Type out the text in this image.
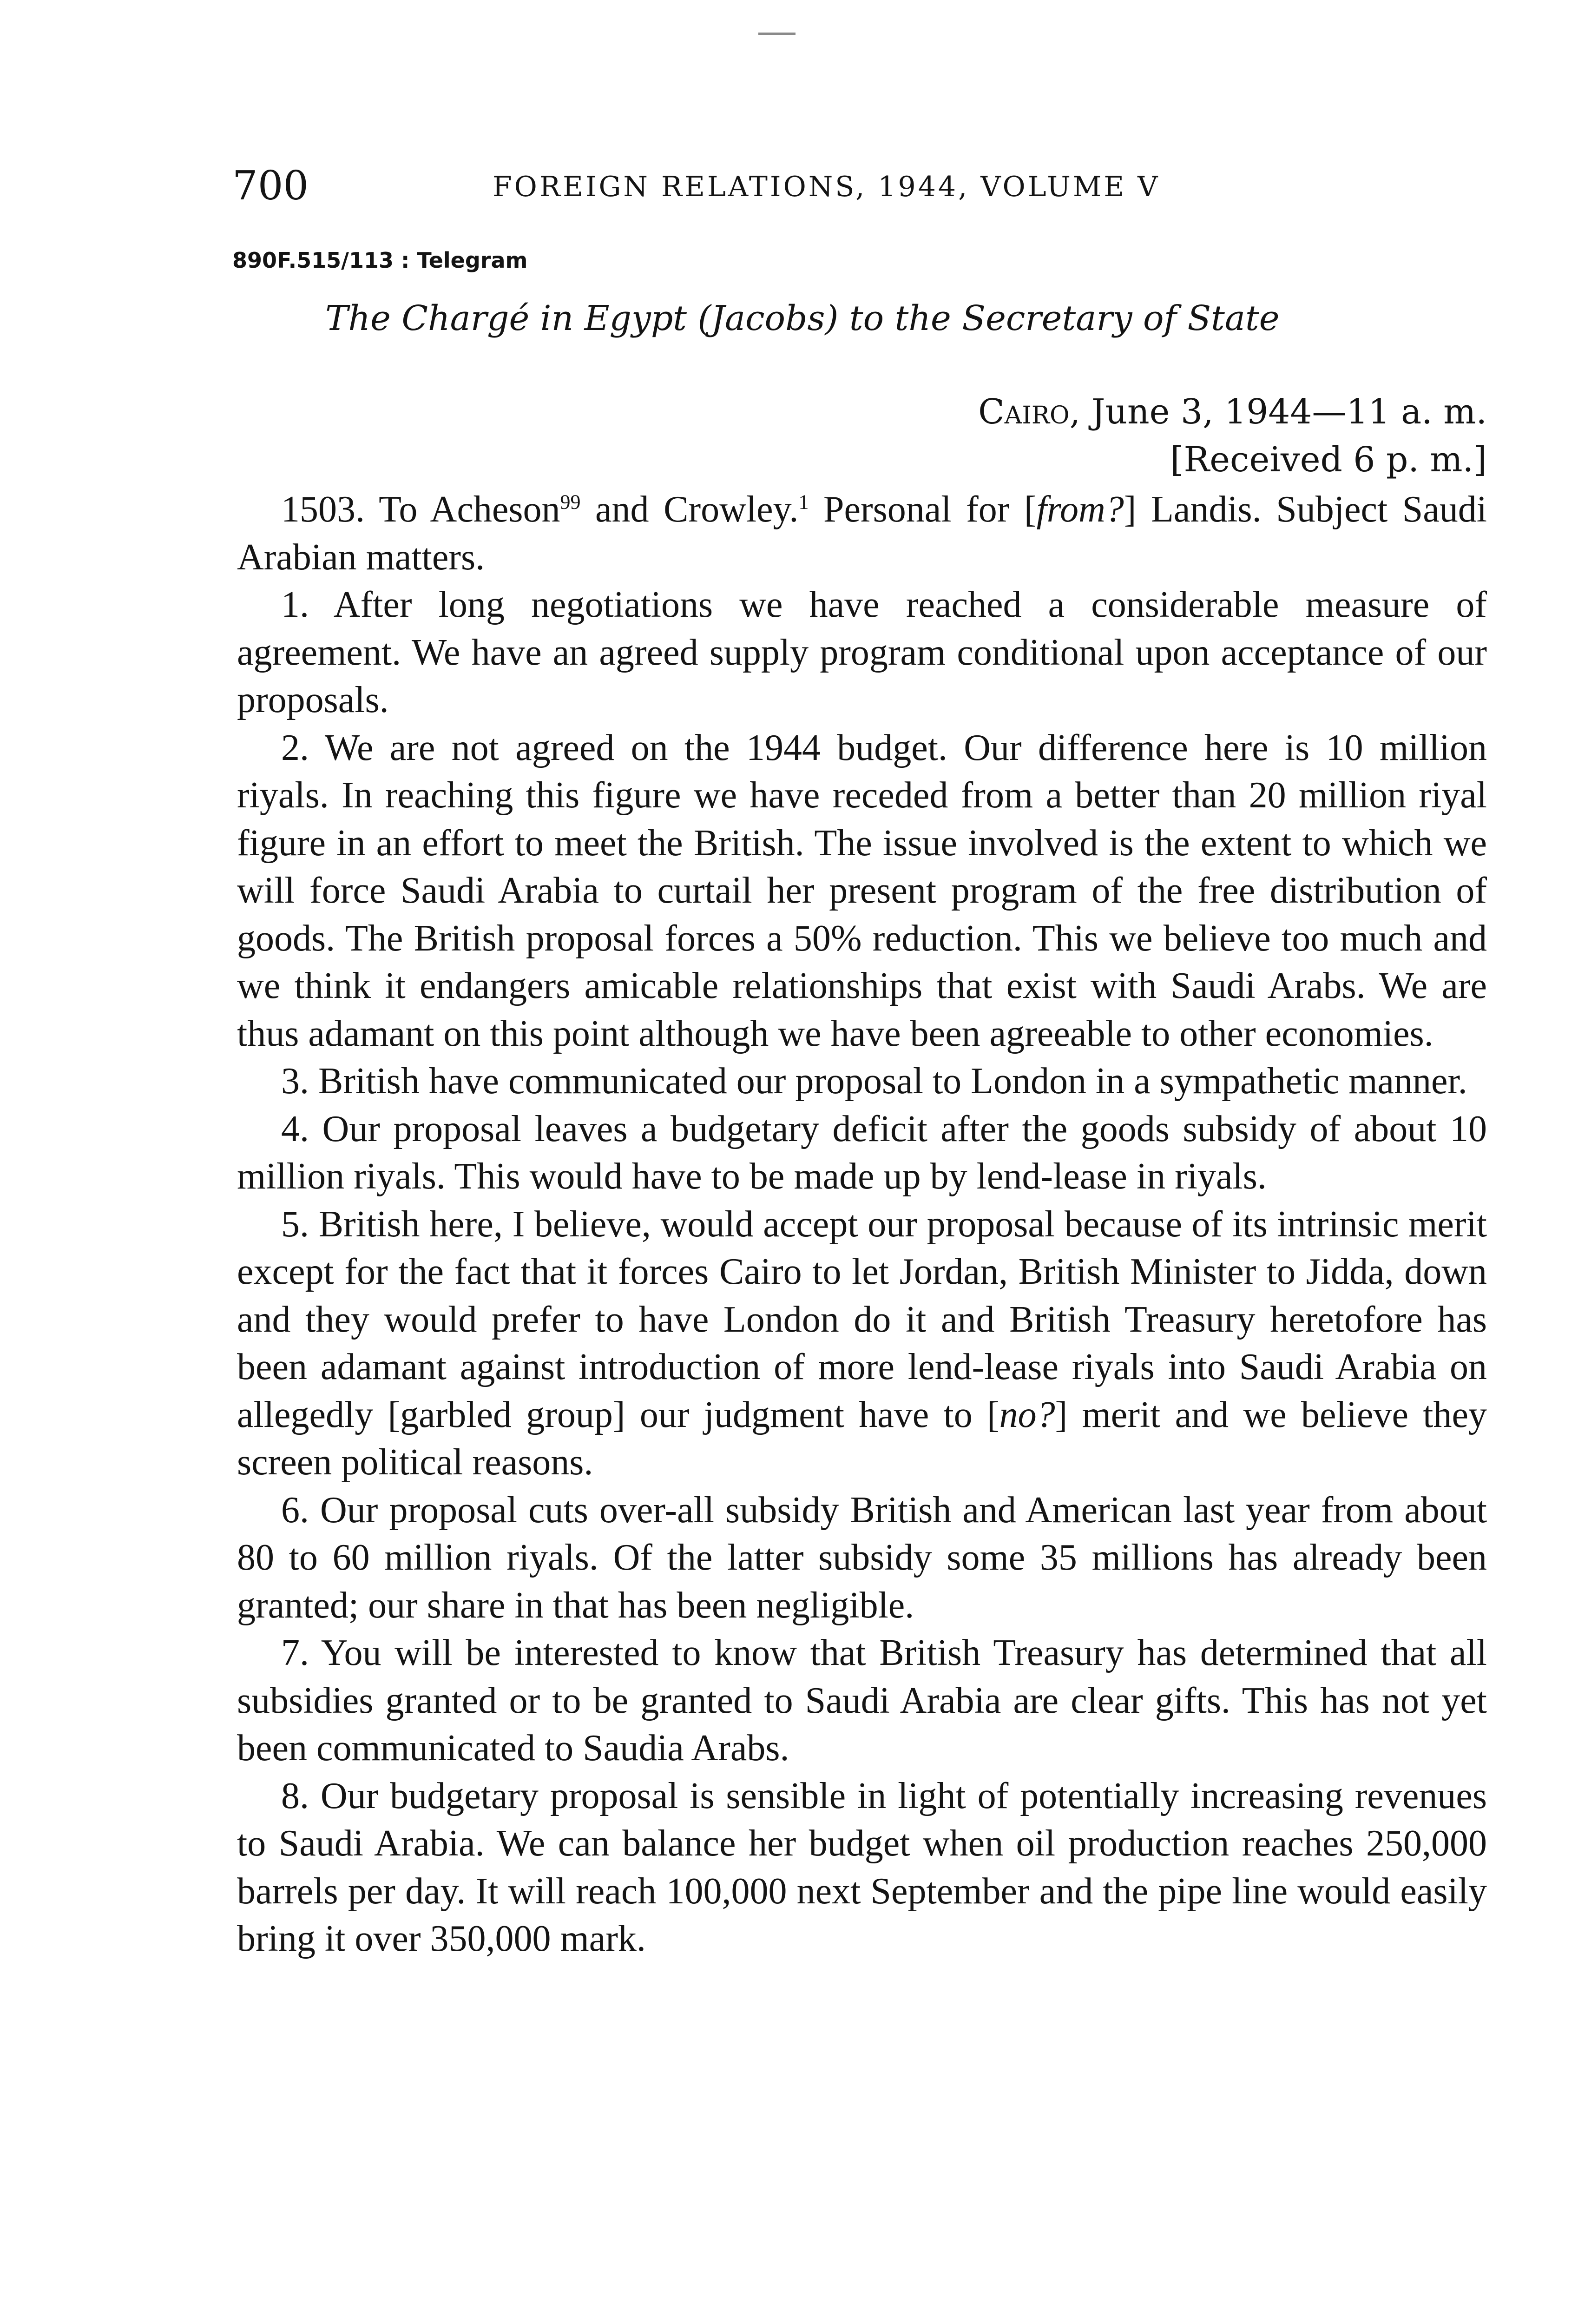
700	FOREIGN RELATIONS, 1944, VOLUME V
890F.515/113 : Telegram
The Chargé in Egypt (Jacobs) to the Secretary of State
Cairo, June 3, 1944—11 a. m.
[Received 6 p. m.]

1503. To Acheson$^{99}$ and Crowley.$^1$ Personal for [from?] Landis. Subject Saudi Arabian matters.

1. After long negotiations we have reached a considerable measure of agreement. We have an agreed supply program conditional upon acceptance of our proposals.

2. We are not agreed on the 1944 budget. Our difference here is 10 million riyals. In reaching this figure we have receded from a better than 20 million riyal figure in an effort to meet the British. The issue involved is the extent to which we will force Saudi Arabia to curtail her present program of the free distribution of goods. The British proposal forces a 50% reduction. This we believe too much and we think it endangers amicable relationships that exist with Saudi Arabs. We are thus adamant on this point although we have been agreeable to other economies.

3. British have communicated our proposal to London in a sympathetic manner.

4. Our proposal leaves a budgetary deficit after the goods subsidy of about 10 million riyals. This would have to be made up by lend-lease in riyals.

5. British here, I believe, would accept our proposal because of its intrinsic merit except for the fact that it forces Cairo to let Jordan, British Minister to Jidda, down and they would prefer to have London do it and British Treasury heretofore has been adamant against introduction of more lend-lease riyals into Saudi Arabia on allegedly [garbled group] our judgment have to [no?] merit and we believe they screen political reasons.

6. Our proposal cuts over-all subsidy British and American last year from about 80 to 60 million riyals. Of the latter subsidy some 35 millions has already been granted; our share in that has been negligible.

7. You will be interested to know that British Treasury has determined that all subsidies granted or to be granted to Saudi Arabia are clear gifts. This has not yet been communicated to Saudia Arabs.

8. Our budgetary proposal is sensible in light of potentially increasing revenues to Saudi Arabia. We can balance her budget when oil production reaches 250,000 barrels per day. It will reach 100,000 next September and the pipe line would easily bring it over 350,000 mark.
